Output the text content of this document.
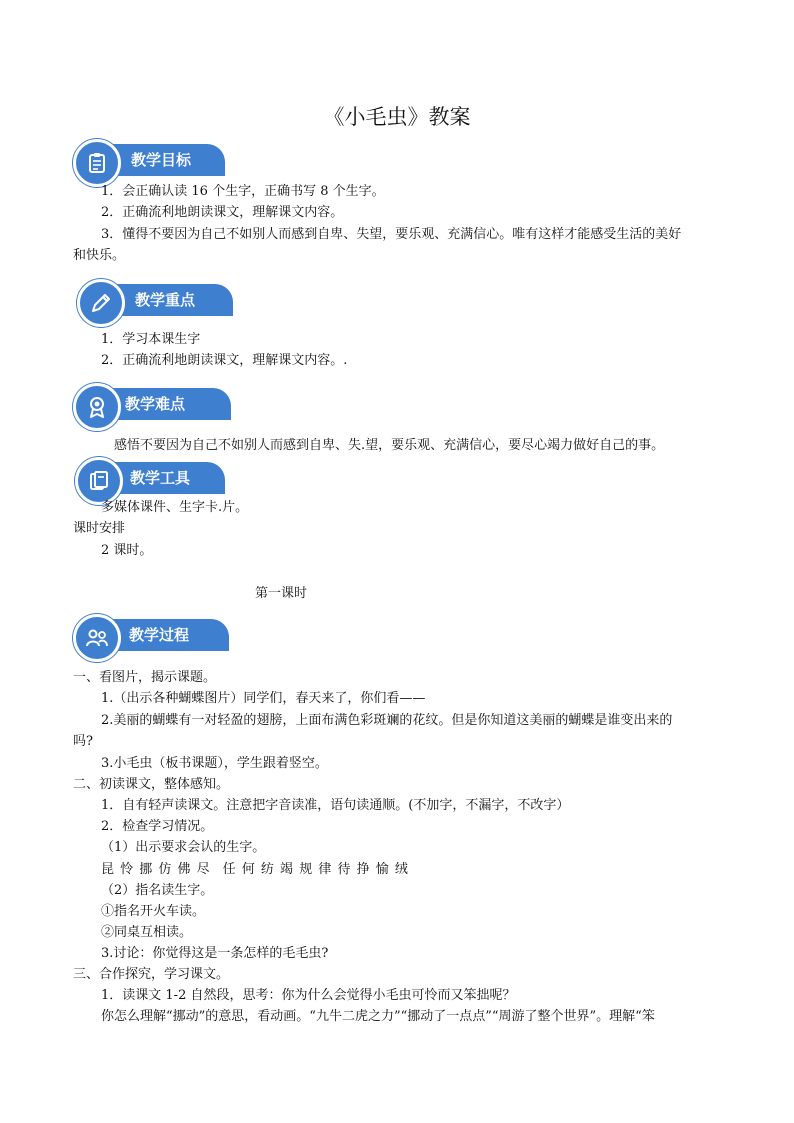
《小毛虫》教案
教学目标
1．会正确认读 16 个生字，正确书写 8 个生字。
2．正确流利地朗读课文，理解课文内容。
3．懂得不要因为自己不如别人而感到自卑、失望，要乐观、充满信心。唯有这样才能感受生活的美好
和快乐。
教学重点
1．学习本课生字
2．正确流利地朗读课文，理解课文内容。.
教学难点
感悟不要因为自己不如别人而感到自卑、失.望，要乐观、充满信心，要尽心竭力做好自己的事。
教学工具
多媒体课件、生字卡.片。
课时安排
2 课时。
第一课时
教学过程
一、看图片，揭示课题。
1.（出示各种蝴蝶图片）同学们，春天来了，你们看——
2.美丽的蝴蝶有一对轻盈的翅膀，上面布满色彩斑斓的花纹。但是你知道这美丽的蝴蝶是谁变出来的
吗?
3.小毛虫（板书课题），学生跟着竖空。
二、初读课文，整体感知。
1．自有轻声读课文。注意把字音读准，语句读通顺。(不加字，不漏字，不改字）
2．检查学习情况。
（1）出示要求会认的生字。
昆 怜 挪 仿 佛 尽　任 何 纺 竭 规 律 待 挣 愉 绒
（2）指名读生字。
①指名开火车读。
②同桌互相读。
3.讨论：你觉得这是一条怎样的毛毛虫?
三、合作探究，学习课文。
1．读课文 1-2 自然段，思考：你为什么会觉得小毛虫可怜而又笨拙呢？
你怎么理解“挪动”的意思，看动画。“九牛二虎之力”“挪动了一点点”“周游了整个世界”。理解“笨
